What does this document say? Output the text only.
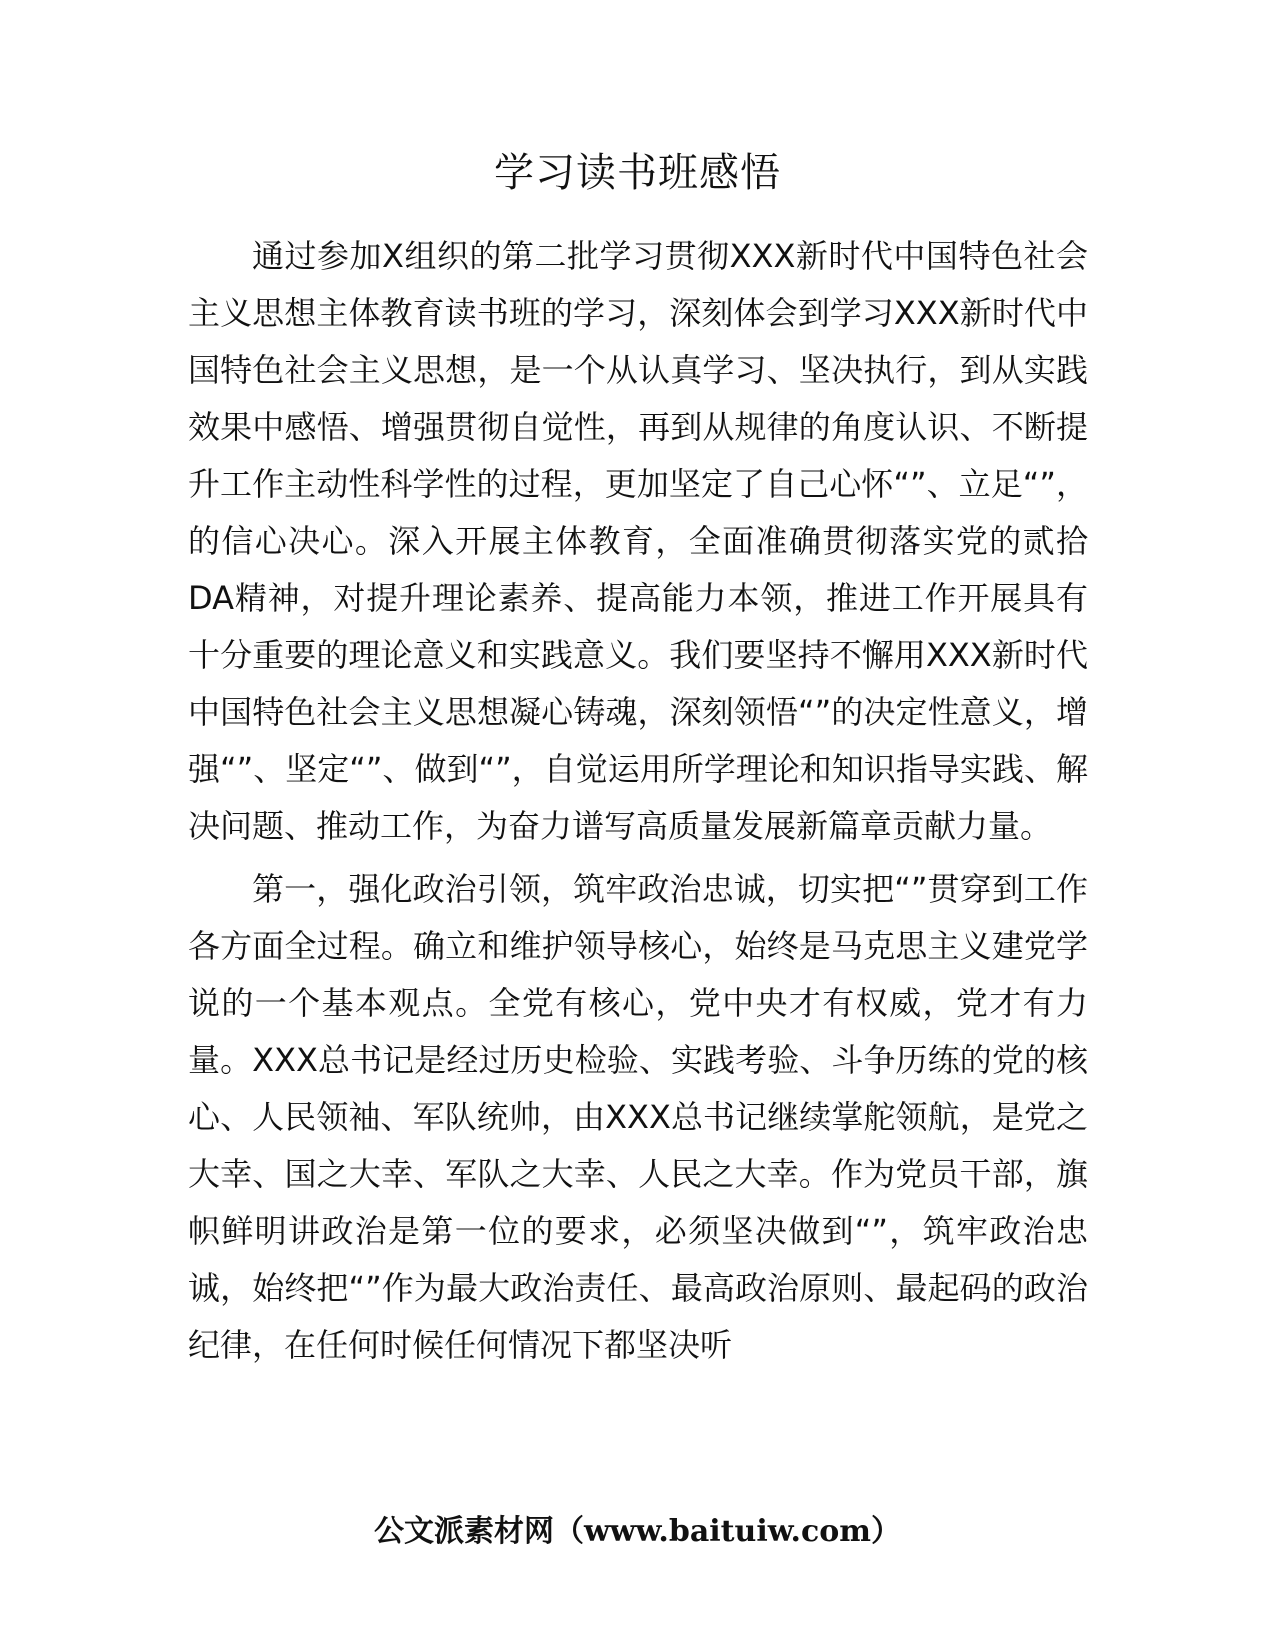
学习读书班感悟

通过参加X组织的第二批学习贯彻XXX新时代中国特色社会主义思想主体教育读书班的学习，深刻体会到学习XXX新时代中国特色社会主义思想，是一个从认真学习、坚决执行，到从实践效果中感悟、增强贯彻自觉性，再到从规律的角度认识、不断提升工作主动性科学性的过程，更加坚定了自己心怀“”、立足“”，的信心决心。深入开展主体教育，全面准确贯彻落实党的贰拾DA精神，对提升理论素养、提高能力本领，推进工作开展具有十分重要的理论意义和实践意义。我们要坚持不懈用XXX新时代中国特色社会主义思想凝心铸魂，深刻领悟“”的决定性意义，增强“”、坚定“”、做到“”，自觉运用所学理论和知识指导实践、解决问题、推动工作，为奋力谱写高质量发展新篇章贡献力量。

第一，强化政治引领，筑牢政治忠诚，切实把“”贯穿到工作各方面全过程。确立和维护领导核心，始终是马克思主义建党学说的一个基本观点。全党有核心，党中央才有权威，党才有力量。XXX总书记是经过历史检验、实践考验、斗争历练的党的核心、人民领袖、军队统帅，由XXX总书记继续掌舵领航，是党之大幸、国之大幸、军队之大幸、人民之大幸。作为党员干部，旗帜鲜明讲政治是第一位的要求，必须坚决做到“”，筑牢政治忠诚，始终把“”作为最大政治责任、最高政治原则、最起码的政治纪律，在任何时候任何情况下都坚决听

公文派素材网（www.baituiw.com）
